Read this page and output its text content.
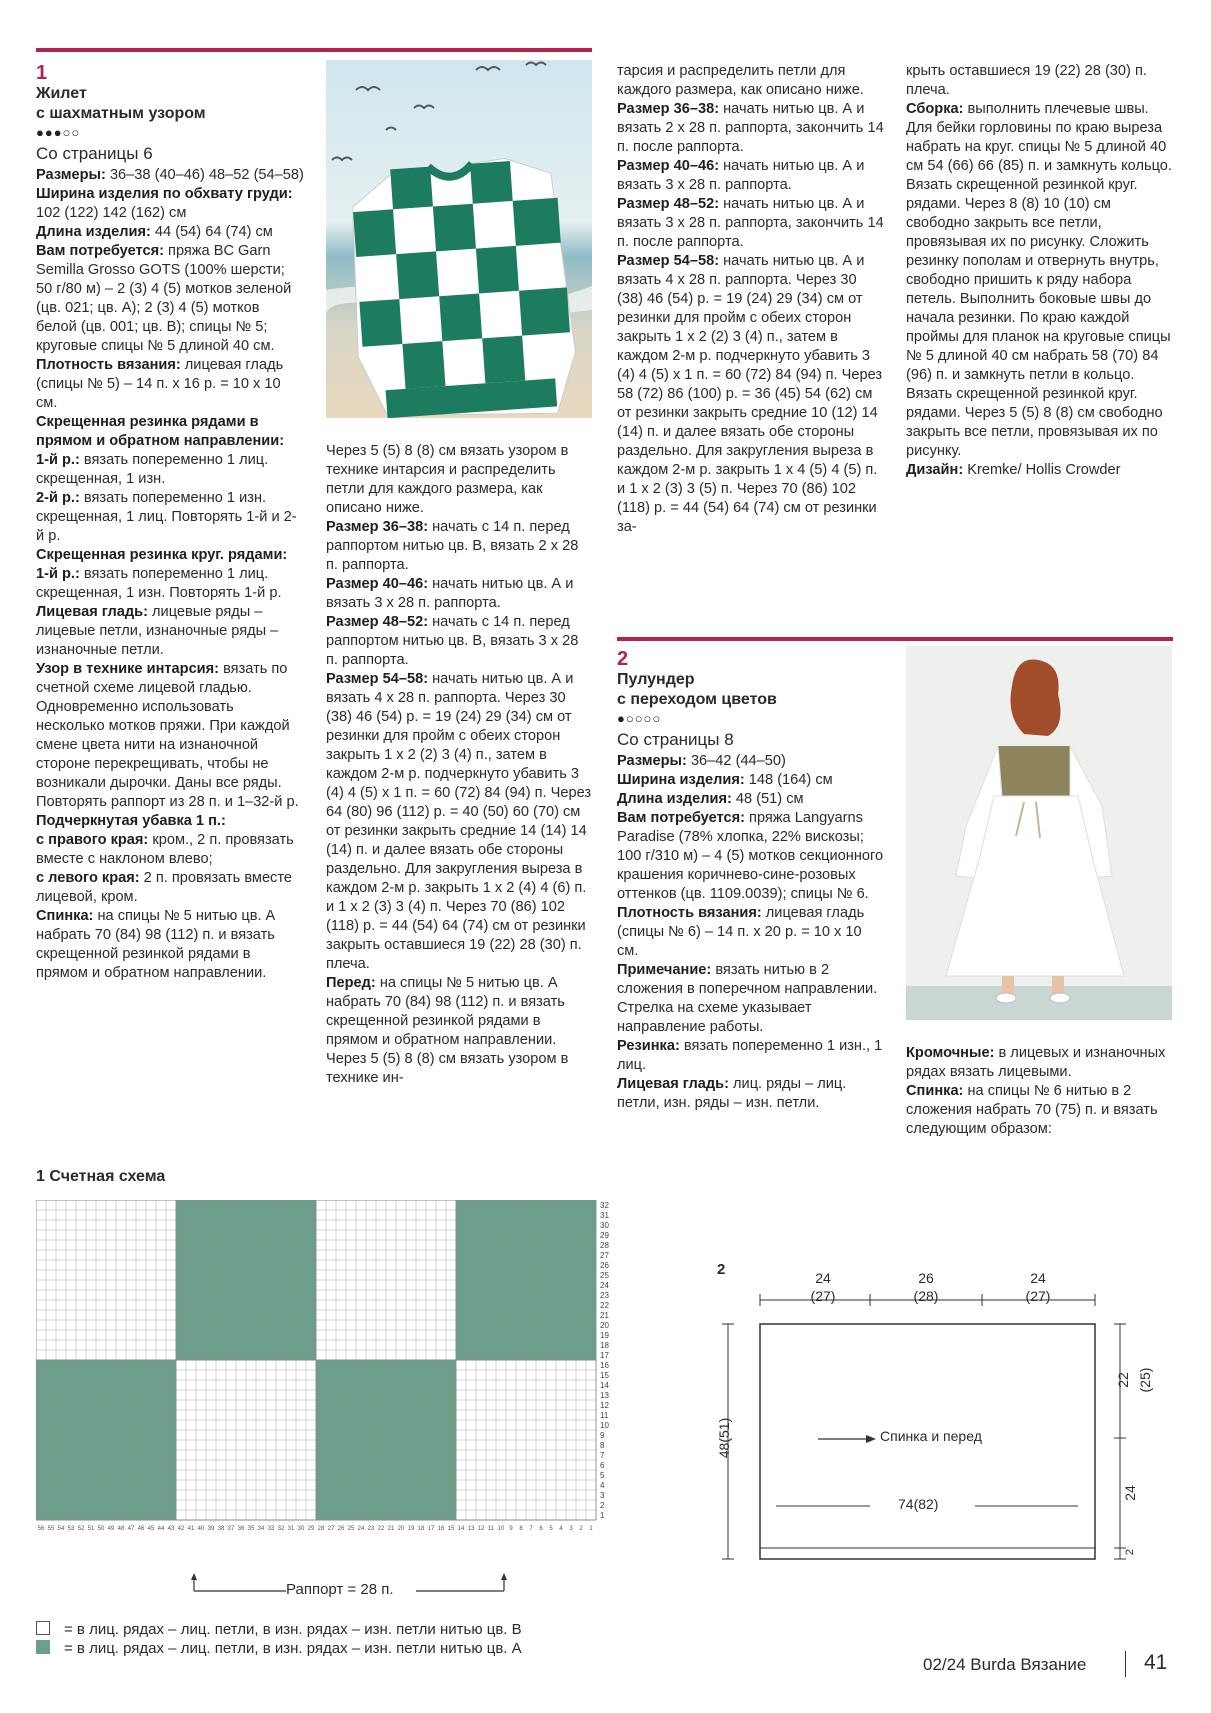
1
Жилет
с шахматным узором
●●●○○
Со страницы 6

Размеры: 36–38 (40–46) 48–52 (54–58)

Ширина изделия по обхвату груди: 102 (122) 142 (162) см

Длина изделия: 44 (54) 64 (74) см

Вам потребуется: пряжа BC Garn Semilla Grosso GOTS (100% шерсти; 50 г/80 м) – 2 (3) 4 (5) мотков зеленой (цв. 021; цв. А); 2 (3) 4 (5) мотков белой (цв. 001; цв. В); спицы № 5; круговые спицы № 5 длиной 40 см.

Плотность вязания: лицевая гладь (спицы № 5) – 14 п. х 16 р. = 10 х 10 см.

Скрещенная резинка рядами в прямом и обратном направлении:

1-й р.: вязать попеременно 1 лиц. скрещенная, 1 изн.

2-й р.: вязать попеременно 1 изн. скрещенная, 1 лиц. Повторять 1-й и 2-й р.

Скрещенная резинка круг. рядами:

1-й р.: вязать попеременно 1 лиц. скрещенная, 1 изн. Повторять 1-й р.

Лицевая гладь: лицевые ряды – лицевые петли, изнаночные ряды – изнаночные петли.

Узор в технике интарсия: вязать по счетной схеме лицевой гладью. Одновременно использовать несколько мотков пряжи. При каждой смене цвета нити на изнаночной стороне перекрещивать, чтобы не возникали дырочки. Даны все ряды. Повторять раппорт из 28 п. и 1–32-й р.

Подчеркнутая убавка 1 п.:

с правого края: кром., 2 п. провязать вместе с наклоном влево;

с левого края: 2 п. провязать вместе лицевой, кром.

Спинка: на спицы № 5 нитью цв. А набрать 70 (84) 98 (112) п. и вязать скрещенной резинкой рядами в прямом и обратном направлении.

Через 5 (5) 8 (8) см вязать узором в технике интарсия и распределить петли для каждого размера, как описано ниже.

Размер 36–38: начать с 14 п. перед раппортом нитью цв. В, вязать 2 х 28 п. раппорта.

Размер 40–46: начать нитью цв. А и вязать 3 х 28 п. раппорта.

Размер 48–52: начать с 14 п. перед раппортом нитью цв. В, вязать 3 х 28 п. раппорта.

Размер 54–58: начать нитью цв. А и вязать 4 х 28 п. раппорта. Через 30 (38) 46 (54) р. = 19 (24) 29 (34) см от резинки для пройм с обеих сторон закрыть 1 х 2 (2) 3 (4) п., затем в каждом 2-м р. подчеркнуто убавить 3 (4) 4 (5) х 1 п. = 60 (72) 84 (94) п. Через 64 (80) 96 (112) р. = 40 (50) 60 (70) см от резинки закрыть средние 14 (14) 14 (14) п. и далее вязать обе стороны раздельно. Для закругления выреза в каждом 2-м р. закрыть 1 х 2 (4) 4 (6) п. и 1 х 2 (3) 3 (4) п. Через 70 (86) 102 (118) р. = 44 (54) 64 (74) см от резинки закрыть оставшиеся 19 (22) 28 (30) п. плеча.

Перед: на спицы № 5 нитью цв. А набрать 70 (84) 98 (112) п. и вязать скрещенной резинкой рядами в прямом и обратном направлении. Через 5 (5) 8 (8) см вязать узором в технике ин-

тарсия и распределить петли для каждого размера, как описано ниже.

Размер 36–38: начать нитью цв. А и вязать 2 х 28 п. раппорта, закончить 14 п. после раппорта.

Размер 40–46: начать нитью цв. А и вязать 3 х 28 п. раппорта.

Размер 48–52: начать нитью цв. А и вязать 3 х 28 п. раппорта, закончить 14 п. после раппорта.

Размер 54–58: начать нитью цв. А и вязать 4 х 28 п. раппорта. Через 30 (38) 46 (54) р. = 19 (24) 29 (34) см от резинки для пройм с обеих сторон закрыть 1 х 2 (2) 3 (4) п., затем в каждом 2-м р. подчеркнуто убавить 3 (4) 4 (5) х 1 п. = 60 (72) 84 (94) п. Через 58 (72) 86 (100) р. = 36 (45) 54 (62) см от резинки закрыть средние 10 (12) 14 (14) п. и далее вязать обе стороны раздельно. Для закругления выреза в каждом 2-м р. закрыть 1 х 4 (5) 4 (5) п. и 1 х 2 (3) 3 (5) п. Через 70 (86) 102 (118) р. = 44 (54) 64 (74) см от резинки за-

крыть оставшиеся 19 (22) 28 (30) п. плеча.

Сборка: выполнить плечевые швы. Для бейки горловины по краю выреза набрать на круг. спицы № 5 длиной 40 см 54 (66) 66 (85) п. и замкнуть кольцо. Вязать скрещенной резинкой круг. рядами. Через 8 (8) 10 (10) см свободно закрыть все петли, провязывая их по рисунку. Сложить резинку пополам и отвернуть внутрь, свободно пришить к ряду набора петель. Выполнить боковые швы до начала резинки. По краю каждой проймы для планок на круговые спицы № 5 длиной 40 см набрать 58 (70) 84 (96) п. и замкнуть петли в кольцо. Вязать скрещенной резинкой круг. рядами. Через 5 (5) 8 (8) см свободно закрыть все петли, провязывая их по рисунку.

Дизайн: Kremke/ Hollis Crowder

2
Пулундер
с переходом цветов
●○○○○
Со страницы 8

Размеры: 36–42 (44–50)

Ширина изделия: 148 (164) см

Длина изделия: 48 (51) см

Вам потребуется: пряжа Langyarns Paradise (78% хлопка, 22% вискозы; 100 г/310 м) – 4 (5) мотков секционного крашения коричнево-сине-розовых оттенков (цв. 1109.0039); спицы № 6.

Плотность вязания: лицевая гладь (спицы № 6) – 14 п. х 20 р. = 10 х 10 см.

Примечание: вязать нитью в 2 сложения в поперечном направлении. Стрелка на схеме указывает направление работы.

Резинка: вязать попеременно 1 изн., 1 лиц.

Лицевая гладь: лиц. ряды – лиц. петли, изн. ряды – изн. петли.

Кромочные: в лицевых и изнаночных рядах вязать лицевыми.

Спинка: на спицы № 6 нитью в 2 сложения набрать 70 (75) п. и вязать следующим образом:

1 Счетная схема
1
2
3
4
5
6
7
8
9
10
11
12
13
14
15
16
17
18
19
20
21
22
23
24
25
26
27
28
29
30
31
32
1
2
3
4
5
6
7
8
9
10
11
12
13
14
15
16
17
18
19
20
21
22
23
24
25
26
27
28
29
30
31
32
33
34
35
36
37
38
39
40
41
42
43
44
45
46
47
48
49
50
51
52
53
54
55
56
Раппорт = 28 п.
= в лиц. рядах – лиц. петли, в изн. рядах – изн. петли нитью цв. В
= в лиц. рядах – лиц. петли, в изн. рядах – изн. петли нитью цв. А
2	24
(27)
26
(28)
24
(27)
48(51)
22 (25)
24
2
Спинка и перед
74(82)
02/24 Burda Вязание	41
